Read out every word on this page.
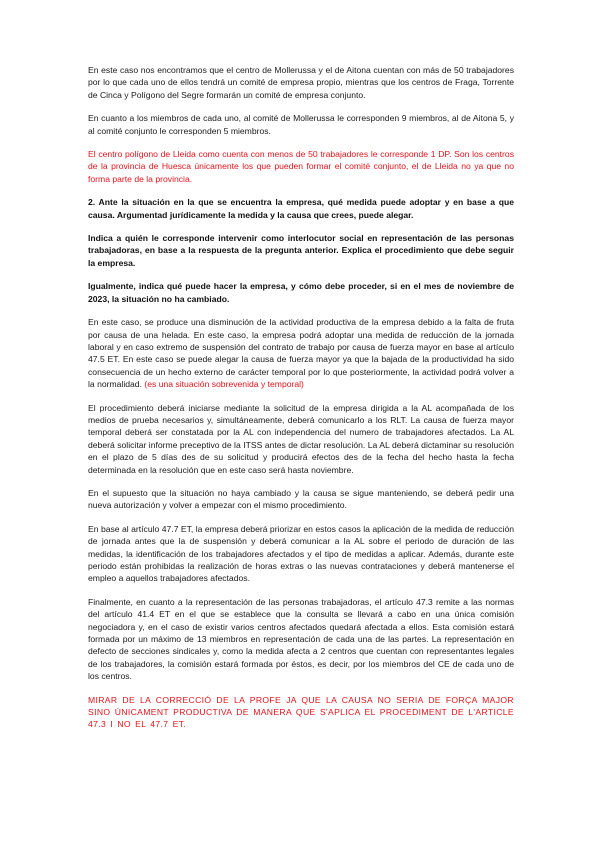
En este caso nos encontramos que el centro de Mollerussa y el de Aitona cuentan con más de 50 trabajadores por lo que cada uno de ellos tendrá un comité de empresa propio, mientras que los centros de Fraga, Torrente de Cinca y Polígono del Segre formarán un comité de empresa conjunto.

En cuanto a los miembros de cada uno, al comité de Mollerussa le corresponden 9 miembros, al de Aitona 5, y al comité conjunto le corresponden 5 miembros.

El centro polígono de Lleida como cuenta con menos de 50 trabajadores le corresponde 1 DP. Son los centros de la provincia de Huesca únicamente los que pueden formar el comité conjunto, el de Lleida no ya que no forma parte de la provincia.

2. Ante la situación en la que se encuentra la empresa, qué medida puede adoptar y en base a que causa. Argumentad jurídicamente la medida y la causa que crees, puede alegar.

Indica a quién le corresponde intervenir como interlocutor social en representación de las personas trabajadoras, en base a la respuesta de la pregunta anterior. Explica el procedimiento que debe seguir la empresa.

Igualmente, indica qué puede hacer la empresa, y cómo debe proceder, si en el mes de noviembre de 2023, la situación no ha cambiado.

En este caso, se produce una disminución de la actividad productiva de la empresa debido a la falta de fruta por causa de una helada. En este caso, la empresa podrá adoptar una medida de reducción de la jornada laboral y en caso extremo de suspensión del contrato de trabajo por causa de fuerza mayor en base al artículo 47.5 ET. En este caso se puede alegar la causa de fuerza mayor ya que la bajada de la productividad ha sido consecuencia de un hecho externo de carácter temporal por lo que posteriormente, la actividad podrá volver a la normalidad. (es una situación sobrevenida y temporal)

El procedimiento deberá iniciarse mediante la solicitud de la empresa dirigida a la AL acompañada de los medios de prueba necesarios y, simultáneamente, deberá comunicarlo a los RLT. La causa de fuerza mayor temporal deberá ser constatada por la AL con independencia del numero de trabajadores afectados. La AL deberá solicitar informe preceptivo de la ITSS antes de dictar resolución. La AL deberá dictaminar su resolución en el plazo de 5 días des de su solicitud y producirá efectos des de la fecha del hecho hasta la fecha determinada en la resolución que en este caso será hasta noviembre.

En el supuesto que la situación no haya cambiado y la causa se sigue manteniendo, se deberá pedir una nueva autorización y volver a empezar con el mismo procedimiento.

En base al artículo 47.7 ET, la empresa deberá priorizar en estos casos la aplicación de la medida de reducción de jornada antes que la de suspensión y deberá comunicar a la AL sobre el periodo de duración de las medidas, la identificación de los trabajadores afectados y el tipo de medidas a aplicar. Además, durante este periodo están prohibidas la realización de horas extras o las nuevas contrataciones y deberá mantenerse el empleo a aquellos trabajadores afectados.

Finalmente, en cuanto a la representación de las personas trabajadoras, el artículo 47.3 remite a las normas del artículo 41.4 ET en el que se establece que la consulta se llevará a cabo en una única comisión negociadora y, en el caso de existir varios centros afectados quedará afectada a ellos. Esta comisión estará formada por un máximo de 13 miembros en representación de cada una de las partes. La representación en defecto de secciones sindicales y, como la medida afecta a 2 centros que cuentan con representantes legales de los trabajadores, la comisión estará formada por éstos, es decir, por los miembros del CE de cada uno de los centros.

MIRAR DE LA CORRECCIÓ DE LA PROFE JA QUE LA CAUSA NO SERIA DE FORÇA MAJOR SINO ÚNICAMENT PRODUCTIVA DE MANERA QUE S'APLICA EL PROCEDIMENT DE L'ARTICLE 47.3 I NO EL 47.7 ET.
